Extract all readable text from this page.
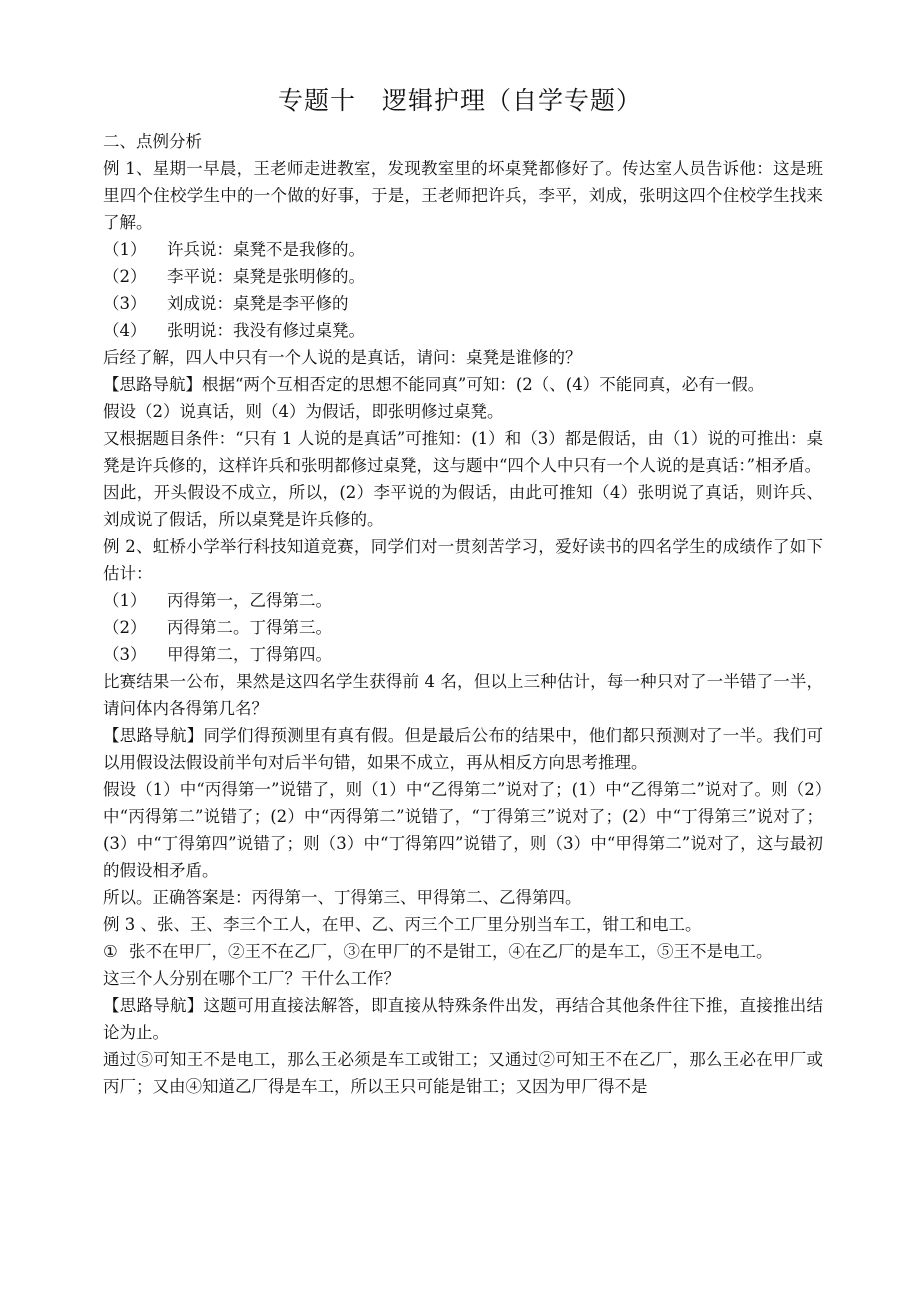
专题十　逻辑护理（自学专题）

二、点例分析

例 1、星期一早晨，王老师走进教室，发现教室里的坏桌凳都修好了。传达室人员告诉他：这是班里四个住校学生中的一个做的好事，于是，王老师把许兵，李平，刘成，张明这四个住校学生找来了解。

（1）	许兵说：桌凳不是我修的。

（2）	李平说：桌凳是张明修的。

（3）	刘成说：桌凳是李平修的

（4）	张明说：我没有修过桌凳。

后经了解，四人中只有一个人说的是真话，请问：桌凳是谁修的？

【思路导航】根据“两个互相否定的思想不能同真”可知：(2（、(4）不能同真，必有一假。

假设（2）说真话，则（4）为假话，即张明修过桌凳。

又根据题目条件：“只有 1 人说的是真话”可推知：(1）和（3）都是假话，由（1）说的可推出：桌凳是许兵修的，这样许兵和张明都修过桌凳，这与题中“四个人中只有一个人说的是真话：”相矛盾。

因此，开头假设不成立，所以，(2）李平说的为假话，由此可推知（4）张明说了真话，则许兵、刘成说了假话，所以桌凳是许兵修的。

例 2、虹桥小学举行科技知道竞赛，同学们对一贯刻苦学习，爱好读书的四名学生的成绩作了如下估计：

（1）	丙得第一，乙得第二。

（2）	丙得第二。丁得第三。

（3）	甲得第二，丁得第四。

比赛结果一公布，果然是这四名学生获得前 4 名，但以上三种估计，每一种只对了一半错了一半，请问体内各得第几名？

【思路导航】同学们得预测里有真有假。但是最后公布的结果中，他们都只预测对了一半。我们可以用假设法假设前半句对后半句错，如果不成立，再从相反方向思考推理。

假设（1）中“丙得第一”说错了，则（1）中“乙得第二”说对了；(1）中“乙得第二”说对了。则（2）中“丙得第二”说错了；(2）中“丙得第二”说错了，“丁得第三”说对了；(2）中“丁得第三”说对了；(3）中“丁得第四”说错了；则（3）中“丁得第四”说错了，则（3）中“甲得第二”说对了，这与最初的假设相矛盾。

所以。正确答案是：丙得第一、丁得第三、甲得第二、乙得第四。

例 3 、张、王、李三个工人，在甲、乙、丙三个工厂里分别当车工，钳工和电工。

① 张不在甲厂，②王不在乙厂，③在甲厂的不是钳工，④在乙厂的是车工，⑤王不是电工。

这三个人分别在哪个工厂？干什么工作？

【思路导航】这题可用直接法解答，即直接从特殊条件出发，再结合其他条件往下推，直接推出结论为止。

通过⑤可知王不是电工，那么王必须是车工或钳工；又通过②可知王不在乙厂，那么王必在甲厂或丙厂；又由④知道乙厂得是车工，所以王只可能是钳工；又因为甲厂得不是
